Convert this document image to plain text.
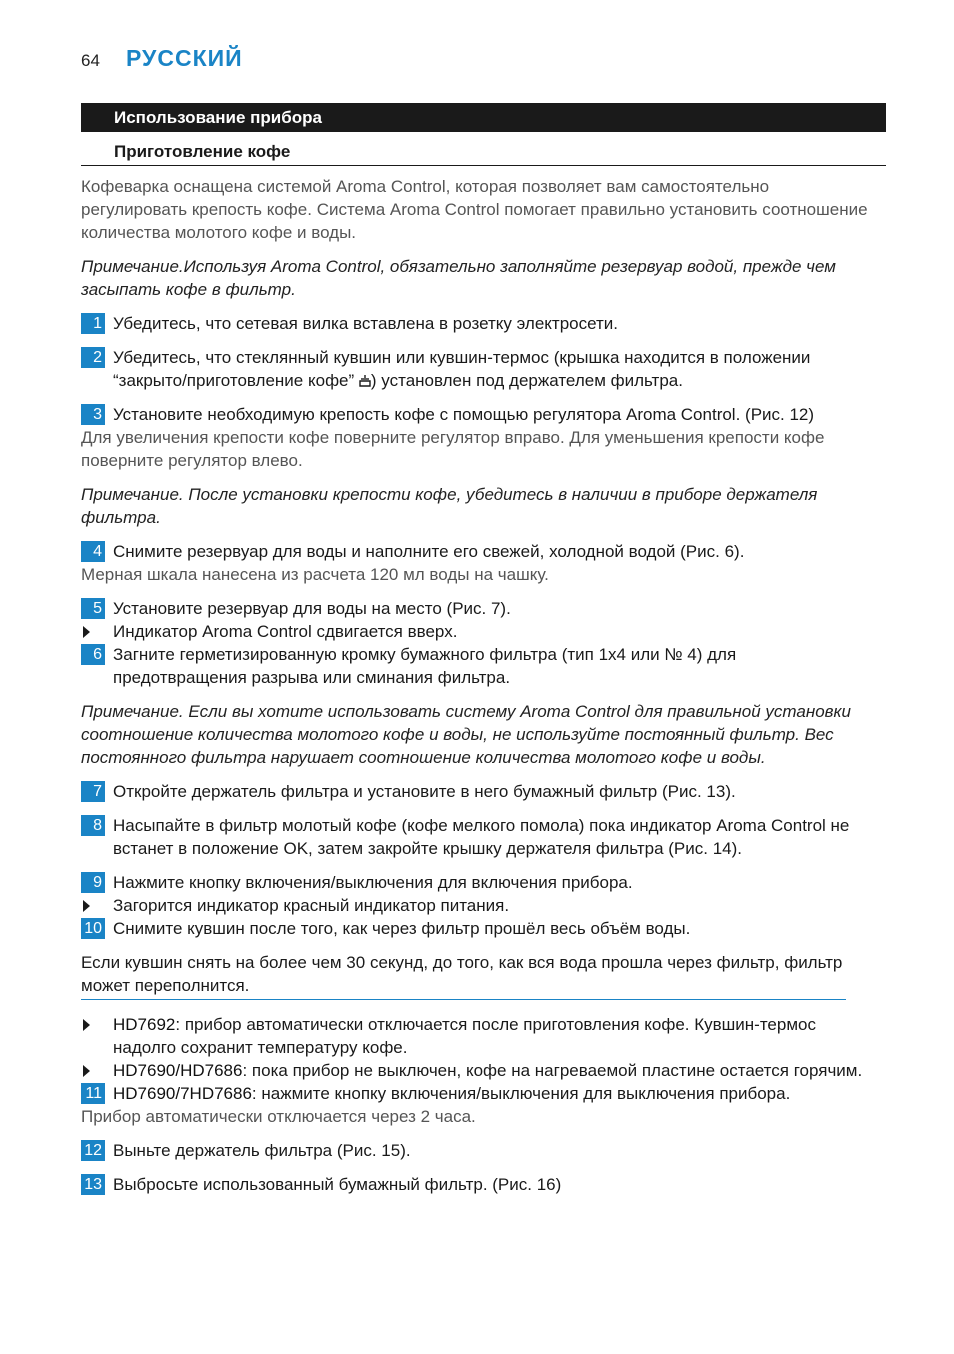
64 РУССКИЙ
Использование прибора
Приготовление кофе

Кофеварка оснащена системой Aroma Control, которая позволяет вам самостоятельно регулировать крепость кофе. Система Aroma Control помогает правильно установить соотношение количества молотого кофе и воды.

Примечание.Используя Aroma Control, обязательно заполняйте резервуар водой, прежде чем засыпать кофе в фильтр.

1 Убедитесь, что сетевая вилка вставлена в розетку электросети.
2 Убедитесь, что стеклянный кувшин или кувшин-термос (крышка находится в положении “закрыто/приготовление кофе” ) установлен под держателем фильтра.
3 Установите необходимую крепость кофе с помощью регулятора Aroma Control. (Рис. 12)

Для увеличения крепости кофе поверните регулятор вправо. Для уменьшения крепости кофе поверните регулятор влево.

Примечание. После установки крепости кофе, убедитесь в наличии в приборе держателя фильтра.

4 Снимите резервуар для воды и наполните его свежей, холодной водой (Рис. 6).

Мерная шкала нанесена из расчета 120 мл воды на чашку.

5 Установите резервуар для воды на место (Рис. 7).
Индикатор Aroma Control сдвигается вверх.
6 Загните герметизированную кромку бумажного фильтра (тип 1x4 или № 4) для предотвращения разрыва или сминания фильтра.

Примечание. Если вы хотите использовать систему Aroma Control для правильной установки соотношение количества молотого кофе и воды, не используйте постоянный фильтр. Вес постоянного фильтра нарушает соотношение количества молотого кофе и воды.

7 Откройте держатель фильтра и установите в него бумажный фильтр (Рис. 13).
8 Насыпайте в фильтр молотый кофе (кофе мелкого помола) пока индикатор Aroma Control не встанет в положение OK, затем закройте крышку держателя фильтра (Рис. 14).
9 Нажмите кнопку включения/выключения для включения прибора.
Загорится индикатор красный индикатор питания.
10 Снимите кувшин после того, как через фильтр прошёл весь объём воды.
Если кувшин снять на более чем 30 секунд, до того, как вся вода прошла через фильтр, фильтр может переполнится.
HD7692: прибор автоматически отключается после приготовления кофе. Кувшин-термос надолго сохранит температуру кофе.
HD7690/HD7686: пока прибор не выключен, кофе на нагреваемой пластине остается горячим.
11 HD7690/7HD7686: нажмите кнопку включения/выключения для выключения прибора.

Прибор автоматически отключается через 2 часа.

12 Выньте держатель фильтра (Рис. 15).
13 Выбросьте использованный бумажный фильтр. (Рис. 16)
